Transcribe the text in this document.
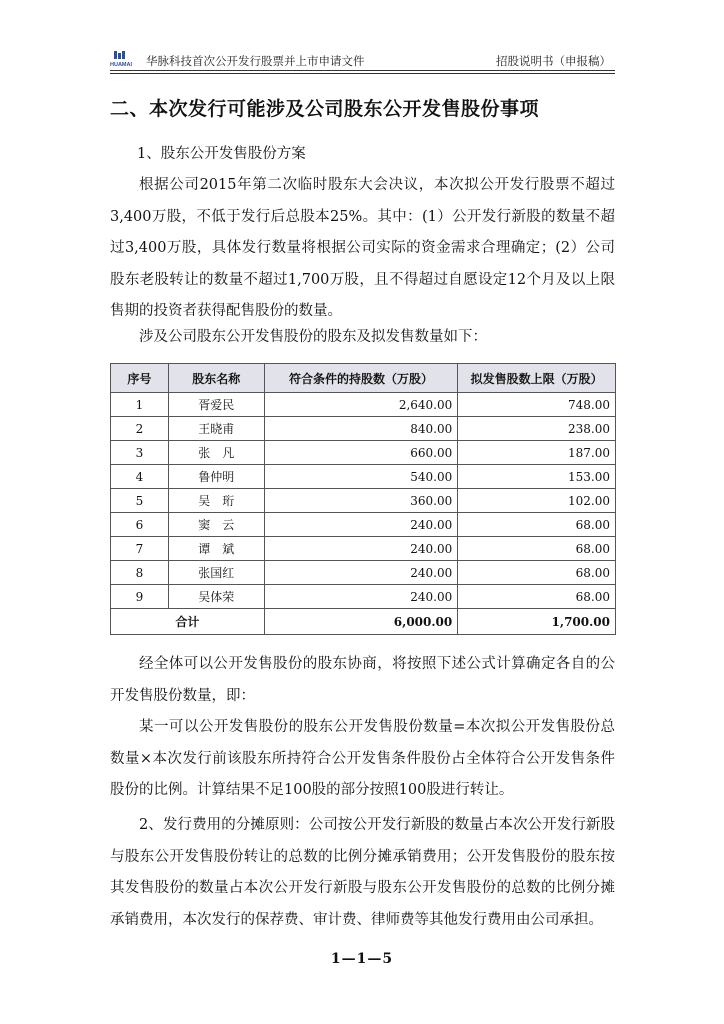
HUAMAI 华脉科技首次公开发行股票并上市申请文件	招股说明书（申报稿）
二、本次发行可能涉及公司股东公开发售股份事项
1、股东公开发售股份方案
根据公司2015年第二次临时股东大会决议，本次拟公开发行股票不超过3,400万股，不低于发行后总股本25%。其中：(1）公开发行新股的数量不超过3,400万股，具体发行数量将根据公司实际的资金需求合理确定；(2）公司股东老股转让的数量不超过1,700万股，且不得超过自愿设定12个月及以上限售期的投资者获得配售股份的数量。
涉及公司股东公开发售股份的股东及拟发售数量如下：
序号	股东名称	符合条件的持股数（万股）	拟发售股数上限（万股）
1	胥爱民	2,640.00	748.00
2	王晓甫	840.00	238.00
3	张　凡	660.00	187.00
4	鲁仲明	540.00	153.00
5	吴　珩	360.00	102.00
6	窦　云	240.00	68.00
7	谭　斌	240.00	68.00
8	张国红	240.00	68.00
9	吴体荣	240.00	68.00
合计		6,000.00	1,700.00
经全体可以公开发售股份的股东协商，将按照下述公式计算确定各自的公开发售股份数量，即：
某一可以公开发售股份的股东公开发售股份数量=本次拟公开发售股份总数量×本次发行前该股东所持符合公开发售条件股份占全体符合公开发售条件股份的比例。计算结果不足100股的部分按照100股进行转让。
2、发行费用的分摊原则：公司按公开发行新股的数量占本次公开发行新股与股东公开发售股份转让的总数的比例分摊承销费用；公开发售股份的股东按其发售股份的数量占本次公开发行新股与股东公开发售股份的总数的比例分摊承销费用，本次发行的保荐费、审计费、律师费等其他发行费用由公司承担。
1—1—5
